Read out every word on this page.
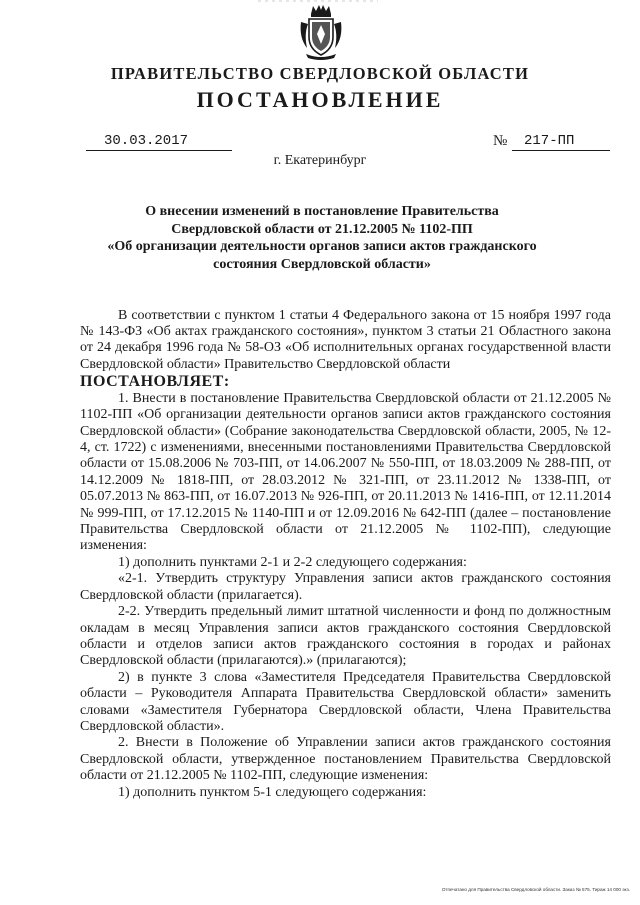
ПРАВИТЕЛЬСТВО СВЕРДЛОВСКОЙ ОБЛАСТИ
ПОСТАНОВЛЕНИЕ
30.03.2017	№	217-ПП
г. Екатеринбург
О внесении изменений в постановление Правительства
Свердловской области от 21.12.2005 № 1102-ПП
«Об организации деятельности органов записи актов гражданского
состояния Свердловской области»

В соответствии с пунктом 1 статьи 4 Федерального закона от 15 ноября 1997 года № 143-ФЗ «Об актах гражданского состояния», пунктом 3 статьи 21 Областного закона от 24 декабря 1996 года № 58-ОЗ «Об исполнительных органах государственной власти Свердловской области» Правительство Свердловской области

ПОСТАНОВЛЯЕТ:

1. Внести в постановление Правительства Свердловской области от 21.12.2005 № 1102-ПП «Об организации деятельности органов записи актов гражданского состояния Свердловской области» (Собрание законодательства Свердловской области, 2005, № 12-4, ст. 1722) с изменениями, внесенными постановлениями Правительства Свердловской области от 15.08.2006 № 703-ПП, от 14.06.2007 № 550-ПП, от 18.03.2009 № 288-ПП, от 14.12.2009 № 1818-ПП, от 28.03.2012 № 321-ПП, от 23.11.2012 № 1338-ПП, от 05.07.2013 № 863-ПП, от 16.07.2013 № 926-ПП, от 20.11.2013 № 1416-ПП, от 12.11.2014 № 999-ПП, от 17.12.2015 № 1140-ПП и от 12.09.2016 № 642-ПП (далее – постановление Правительства Свердловской области от 21.12.2005 № 1102-ПП), следующие изменения:

1) дополнить пунктами 2-1 и 2-2 следующего содержания:

«2-1. Утвердить структуру Управления записи актов гражданского состояния Свердловской области (прилагается).

2-2. Утвердить предельный лимит штатной численности и фонд по должностным окладам в месяц Управления записи актов гражданского состояния Свердловской области и отделов записи актов гражданского состояния в городах и районах Свердловской области (прилагаются).» (прилагаются);

2) в пункте 3 слова «Заместителя Председателя Правительства Свердловской области – Руководителя Аппарата Правительства Свердловской области» заменить словами «Заместителя Губернатора Свердловской области, Члена Правительства Свердловской области».

2. Внести в Положение об Управлении записи актов гражданского состояния Свердловской области, утвержденное постановлением Правительства Свердловской области от 21.12.2005 № 1102-ПП, следующие изменения:

1) дополнить пунктом 5-1 следующего содержания:

Отпечатано для Правительства Свердловской области. Заказ № 575. Тираж 14 000 экз.
